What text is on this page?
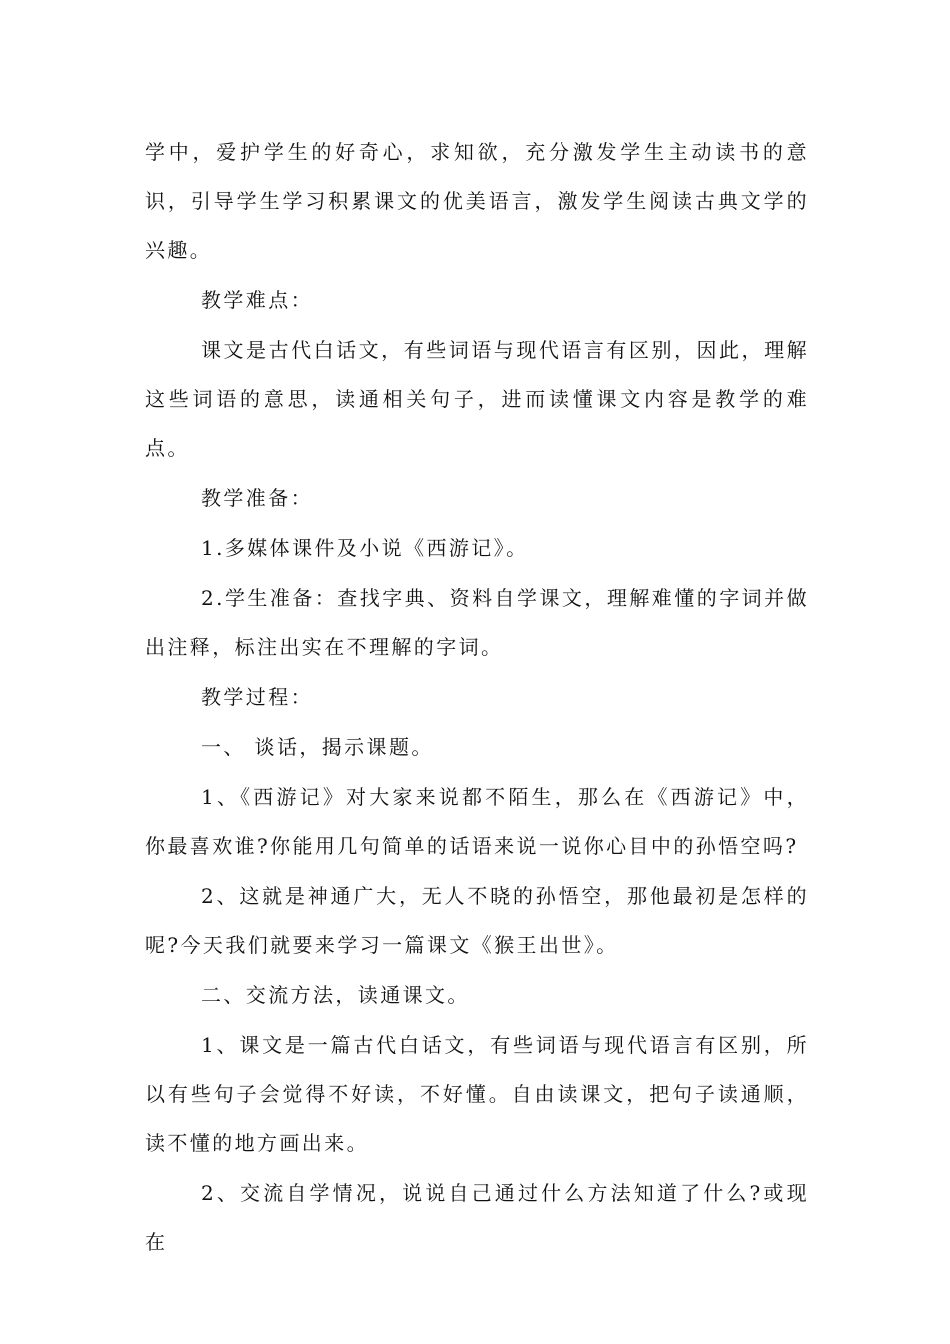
学中，爱护学生的好奇心，求知欲，充分激发学生主动读书的意识，引导学生学习积累课文的优美语言，激发学生阅读古典文学的兴趣。

教学难点：

课文是古代白话文，有些词语与现代语言有区别，因此，理解这些词语的意思，读通相关句子，进而读懂课文内容是教学的难点。

教学准备：

1.多媒体课件及小说《西游记》。

2.学生准备：查找字典、资料自学课文，理解难懂的字词并做出注释，标注出实在不理解的字词。

教学过程：

一、 谈话，揭示课题。

1、《西游记》对大家来说都不陌生，那么在《西游记》中，你最喜欢谁?你能用几句简单的话语来说一说你心目中的孙悟空吗?

2、这就是神通广大，无人不晓的孙悟空，那他最初是怎样的呢?今天我们就要来学习一篇课文《猴王出世》。

二、交流方法，读通课文。

1、课文是一篇古代白话文，有些词语与现代语言有区别，所以有些句子会觉得不好读，不好懂。自由读课文，把句子读通顺，读不懂的地方画出来。

2、交流自学情况，说说自己通过什么方法知道了什么?或现在
